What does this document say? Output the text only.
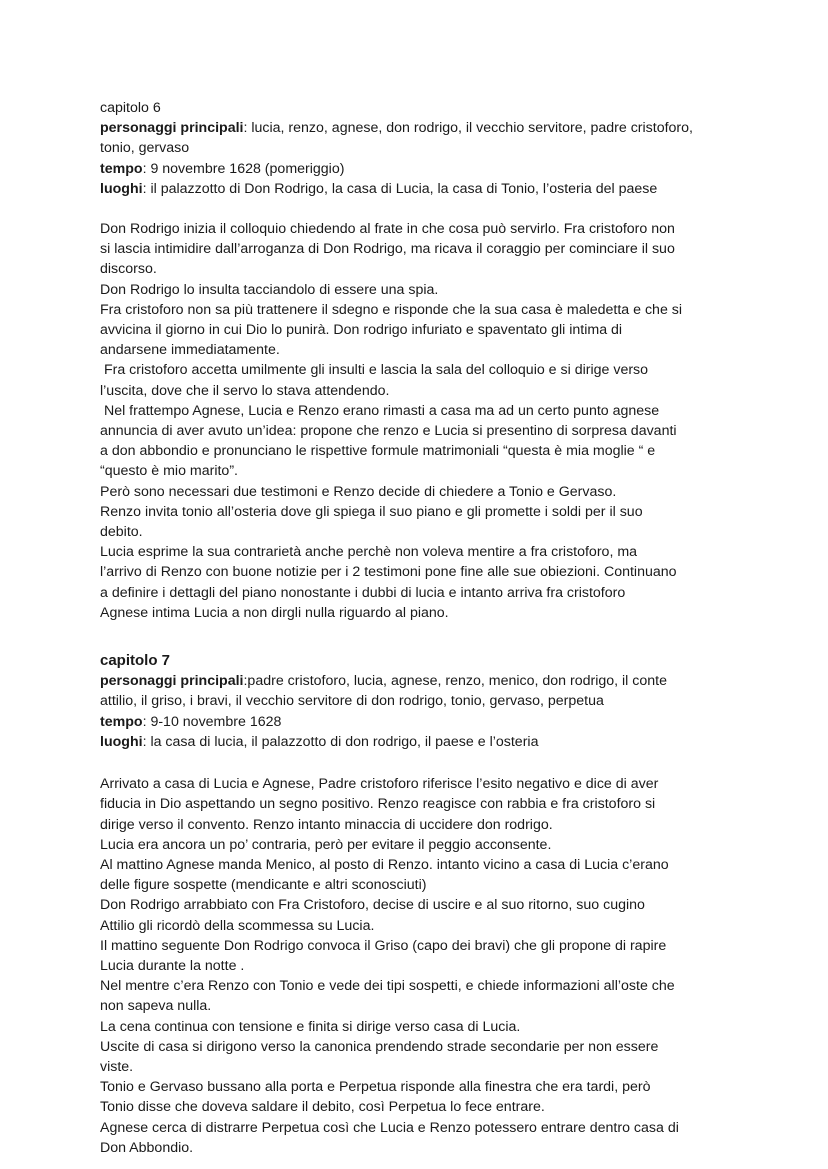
capitolo 6
personaggi principali: lucia, renzo, agnese, don rodrigo, il vecchio servitore, padre cristoforo,
tonio, gervaso
tempo: 9 novembre 1628 (pomeriggio)
luoghi: il palazzotto di Don Rodrigo, la casa di Lucia, la casa di Tonio, l’osteria del paese
Don Rodrigo inizia il colloquio chiedendo al frate in che cosa può servirlo. Fra cristoforo non
si lascia intimidire dall’arroganza di Don Rodrigo, ma ricava il coraggio per cominciare il suo
discorso.
Don Rodrigo lo insulta tacciandolo di essere una spia.
Fra cristoforo non sa più trattenere il sdegno e risponde che la sua casa è maledetta e che si
avvicina il giorno in cui Dio lo punirà. Don rodrigo infuriato e spaventato gli intima di
andarsene immediatamente.
Fra cristoforo accetta umilmente gli insulti e lascia la sala del colloquio e si dirige verso
l’uscita, dove che il servo lo stava attendendo.
Nel frattempo Agnese, Lucia e Renzo erano rimasti a casa ma ad un certo punto agnese
annuncia di aver avuto un’idea: propone che renzo e Lucia si presentino di sorpresa davanti
a don abbondio e pronunciano le rispettive formule matrimoniali “questa è mia moglie “ e
“questo è mio marito”.
Però sono necessari due testimoni e Renzo decide di chiedere a Tonio e Gervaso.
Renzo invita tonio all’osteria dove gli spiega il suo piano e gli promette i soldi per il suo
debito.
Lucia esprime la sua contrarietà anche perchè non voleva mentire a fra cristoforo, ma
l’arrivo di Renzo con buone notizie per i 2 testimoni pone fine alle sue obiezioni. Continuano
a definire i dettagli del piano nonostante i dubbi di lucia e intanto arriva fra cristoforo
Agnese intima Lucia a non dirgli nulla riguardo al piano.
capitolo 7
personaggi principali:padre cristoforo, lucia, agnese, renzo, menico, don rodrigo, il conte
attilio, il griso, i bravi, il vecchio servitore di don rodrigo, tonio, gervaso, perpetua
tempo: 9-10 novembre 1628
luoghi: la casa di lucia, il palazzotto di don rodrigo, il paese e l’osteria
Arrivato a casa di Lucia e Agnese, Padre cristoforo riferisce l’esito negativo e dice di aver
fiducia in Dio aspettando un segno positivo. Renzo reagisce con rabbia e fra cristoforo si
dirige verso il convento. Renzo intanto minaccia di uccidere don rodrigo.
Lucia era ancora un po’ contraria, però per evitare il peggio acconsente.
Al mattino Agnese manda Menico, al posto di Renzo. intanto vicino a casa di Lucia c’erano
delle figure sospette (mendicante e altri sconosciuti)
Don Rodrigo arrabbiato con Fra Cristoforo, decise di uscire e al suo ritorno, suo cugino
Attilio gli ricordò della scommessa su Lucia.
Il mattino seguente Don Rodrigo convoca il Griso (capo dei bravi) che gli propone di rapire
Lucia durante la notte .
Nel mentre c’era Renzo con Tonio e vede dei tipi sospetti, e chiede informazioni all’oste che
non sapeva nulla.
La cena continua con tensione e finita si dirige verso casa di Lucia.
Uscite di casa si dirigono verso la canonica prendendo strade secondarie per non essere
viste.
Tonio e Gervaso bussano alla porta e Perpetua risponde alla finestra che era tardi, però
Tonio disse che doveva saldare il debito, così Perpetua lo fece entrare.
Agnese cerca di distrarre Perpetua così che Lucia e Renzo potessero entrare dentro casa di
Don Abbondio.
